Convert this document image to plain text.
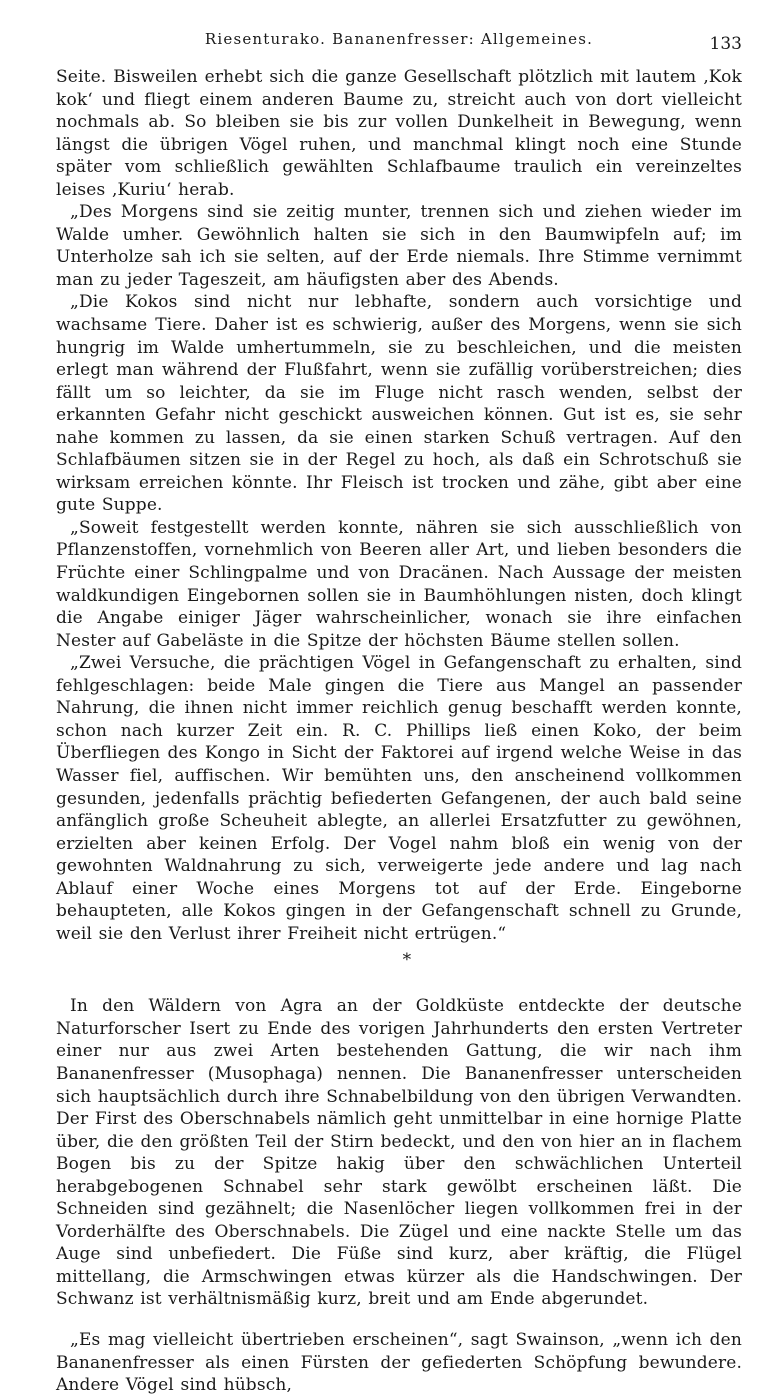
Riesenturako. Bananenfresser: Allgemeines.	133

Seite. Bisweilen erhebt sich die ganze Gesellschaft plötzlich mit lautem ‚Kok kok‘ und fliegt einem anderen Baume zu, streicht auch von dort vielleicht nochmals ab. So bleiben sie bis zur vollen Dunkelheit in Bewegung, wenn längst die übrigen Vögel ruhen, und manchmal klingt noch eine Stunde später vom schließlich gewählten Schlafbaume traulich ein vereinzeltes leises ‚Kuriu‘ herab.

„Des Morgens sind sie zeitig munter, trennen sich und ziehen wieder im Walde umher. Gewöhnlich halten sie sich in den Baumwipfeln auf; im Unterholze sah ich sie selten, auf der Erde niemals. Ihre Stimme vernimmt man zu jeder Tageszeit, am häufigsten aber des Abends.

„Die Kokos sind nicht nur lebhafte, sondern auch vorsichtige und wachsame Tiere. Daher ist es schwierig, außer des Morgens, wenn sie sich hungrig im Walde umhertummeln, sie zu beschleichen, und die meisten erlegt man während der Flußfahrt, wenn sie zufällig vorüberstreichen; dies fällt um so leichter, da sie im Fluge nicht rasch wenden, selbst der erkannten Gefahr nicht geschickt ausweichen können. Gut ist es, sie sehr nahe kommen zu lassen, da sie einen starken Schuß vertragen. Auf den Schlafbäumen sitzen sie in der Regel zu hoch, als daß ein Schrotschuß sie wirksam erreichen könnte. Ihr Fleisch ist trocken und zähe, gibt aber eine gute Suppe.

„Soweit festgestellt werden konnte, nähren sie sich ausschließlich von Pflanzenstoffen, vornehmlich von Beeren aller Art, und lieben besonders die Früchte einer Schlingpalme und von Dracänen. Nach Aussage der meisten waldkundigen Eingebornen sollen sie in Baumhöhlungen nisten, doch klingt die Angabe einiger Jäger wahrscheinlicher, wonach sie ihre einfachen Nester auf Gabeläste in die Spitze der höchsten Bäume stellen sollen.

„Zwei Versuche, die prächtigen Vögel in Gefangenschaft zu erhalten, sind fehlgeschlagen: beide Male gingen die Tiere aus Mangel an passender Nahrung, die ihnen nicht immer reichlich genug beschafft werden konnte, schon nach kurzer Zeit ein. R. C. Phillips ließ einen Koko, der beim Überfliegen des Kongo in Sicht der Faktorei auf irgend welche Weise in das Wasser fiel, auffischen. Wir bemühten uns, den anscheinend vollkommen gesunden, jedenfalls prächtig befiederten Gefangenen, der auch bald seine anfänglich große Scheuheit ablegte, an allerlei Ersatzfutter zu gewöhnen, erzielten aber keinen Erfolg. Der Vogel nahm bloß ein wenig von der gewohnten Waldnahrung zu sich, verweigerte jede andere und lag nach Ablauf einer Woche eines Morgens tot auf der Erde. Eingeborne behaupteten, alle Kokos gingen in der Gefangenschaft schnell zu Grunde, weil sie den Verlust ihrer Freiheit nicht ertrügen.“

*

In den Wäldern von Agra an der Goldküste entdeckte der deutsche Naturforscher Isert zu Ende des vorigen Jahrhunderts den ersten Vertreter einer nur aus zwei Arten bestehenden Gattung, die wir nach ihm Bananenfresser (Musophaga) nennen. Die Bananenfresser unterscheiden sich hauptsächlich durch ihre Schnabelbildung von den übrigen Verwandten. Der First des Oberschnabels nämlich geht unmittelbar in eine hornige Platte über, die den größten Teil der Stirn bedeckt, und den von hier an in flachem Bogen bis zu der Spitze hakig über den schwächlichen Unterteil herabgebogenen Schnabel sehr stark gewölbt erscheinen läßt. Die Schneiden sind gezähnelt; die Nasenlöcher liegen vollkommen frei in der Vorderhälfte des Oberschnabels. Die Zügel und eine nackte Stelle um das Auge sind unbefiedert. Die Füße sind kurz, aber kräftig, die Flügel mittellang, die Armschwingen etwas kürzer als die Handschwingen. Der Schwanz ist verhältnismäßig kurz, breit und am Ende abgerundet.

„Es mag vielleicht übertrieben erscheinen“, sagt Swainson, „wenn ich den Bananenfresser als einen Fürsten der gefiederten Schöpfung bewundere. Andere Vögel sind hübsch,
